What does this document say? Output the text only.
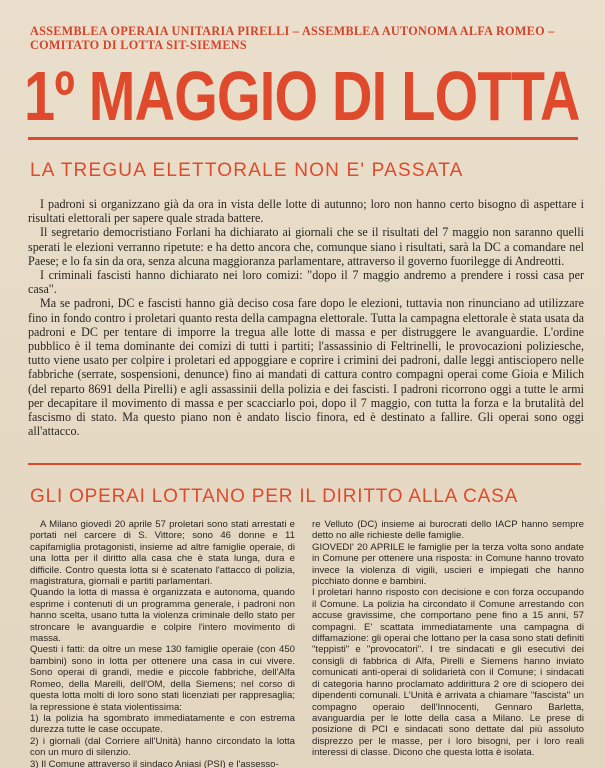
ASSEMBLEA OPERAIA UNITARIA PIRELLI – ASSEMBLEA AUTONOMA ALFA ROMEO – COMITATO DI LOTTA SIT-SIEMENS
1º MAGGIO DI LOTTA
LA TREGUA ELETTORALE NON E' PASSATA

I padroni si organizzano già da ora in vista delle lotte di autunno; loro non hanno certo bisogno di aspettare i risultati elettorali per sapere quale strada battere.

Il segretario democristiano Forlani ha dichiarato ai giornali che se il risultati del 7 maggio non saranno quelli sperati le elezioni verranno ripetute: e ha detto ancora che, comunque siano i risultati, sarà la DC a comandare nel Paese; e lo fa sin da ora, senza alcuna maggioranza parlamentare, attraverso il governo fuorilegge di Andreotti.

I criminali fascisti hanno dichiarato nei loro comizi: "dopo il 7 maggio andremo a prendere i rossi casa per casa".

Ma se padroni, DC e fascisti hanno già deciso cosa fare dopo le elezioni, tuttavia non rinunciano ad utilizzare fino in fondo contro i proletari quanto resta della campagna elettorale. Tutta la campagna elettorale è stata usata da padroni e DC per tentare di imporre la tregua alle lotte di massa e per distruggere le avanguardie. L'ordine pubblico è il tema dominante dei comizi di tutti i partiti; l'assassinio di Feltrinelli, le provocazioni poliziesche, tutto viene usato per colpire i proletari ed appoggiare e coprire i crimini dei padroni, dalle leggi antisciopero nelle fabbriche (serrate, sospensioni, denunce) fino ai mandati di cattura contro compagni operai come Gioia e Milich (del reparto 8691 della Pirelli) e agli assassinii della polizia e dei fascisti. I padroni ricorrono oggi a tutte le armi per decapitare il movimento di massa e per scacciarlo poi, dopo il 7 maggio, con tutta la forza e la brutalità del fascismo di stato. Ma questo piano non è andato liscio finora, ed è destinato a fallire. Gli operai sono oggi all'attacco.

GLI OPERAI LOTTANO PER IL DIRITTO ALLA CASA

A Milano giovedì 20 aprile 57 proletari sono stati arrestati e portati nel carcere di S. Vittore; sono 46 donne e 11 capifamiglia protagonisti, insieme ad altre famiglie operaie, di una lotta per il diritto alla casa che è stata lunga, dura e difficile. Contro questa lotta si è scatenato l'attacco di polizia, magistratura, giornali e partiti parlamentari.

Quando la lotta di massa è organizzata e autonoma, quando esprime i contenuti di un programma generale, i padroni non hanno scelta, usano tutta la violenza criminale dello stato per stroncare le avanguardie e colpire l'intero movimento di massa.

Questi i fatti: da oltre un mese 130 famiglie operaie (con 450 bambini) sono in lotta per ottenere una casa in cui vivere. Sono operai di grandi, medie e piccole fabbriche, dell'Alfa Romeo, della Marelli, dell'OM, della Siemens; nel corso di questa lotta molti di loro sono stati licenziati per rappresaglia; la repressione è stata violentissima:

1) la polizia ha sgombrato immediatamente e con estrema durezza tutte le case occupate.

2) i giornali (dal Corriere all'Unità) hanno circondato la lotta con un muro di silenzio.

3) Il Comune attraverso il sindaco Aniasi (PSI) e l'assesso-

re Velluto (DC) insieme ai burocrati dello IACP hanno sempre detto no alle richieste delle famiglie.

GIOVEDI' 20 APRILE le famiglie per la terza volta sono andate in Comune per ottenere una risposta: in Comune hanno trovato invece la violenza di vigili, uscieri e impiegati che hanno picchiato donne e bambini.

I proletari hanno risposto con decisione e con forza occupando il Comune. La polizia ha circondato il Comune arrestando con accuse gravissime, che comportano pene fino a 15 anni, 57 compagni. E' scattata immediatamente una campagna di diffamazione: gli operai che lottano per la casa sono stati definiti "teppisti" e "provocatori". I tre sindacati e gli esecutivi dei consigli di fabbrica di Alfa, Pirelli e Siemens hanno inviato comunicati anti-operai di solidarietà con il Comune; i sindacati di categoria hanno proclamato addirittura 2 ore di sciopero dei dipendenti comunali. L'Unità è arrivata a chiamare "fascista" un compagno operaio dell'Innocenti, Gennaro Barletta, avanguardia per le lotte della casa a Milano. Le prese di posizione di PCI e sindacati sono dettate dal più assoluto disprezzo per le masse, per i loro bisogni, per i loro reali interessi di classe. Dicono che questa lotta è isolata.
